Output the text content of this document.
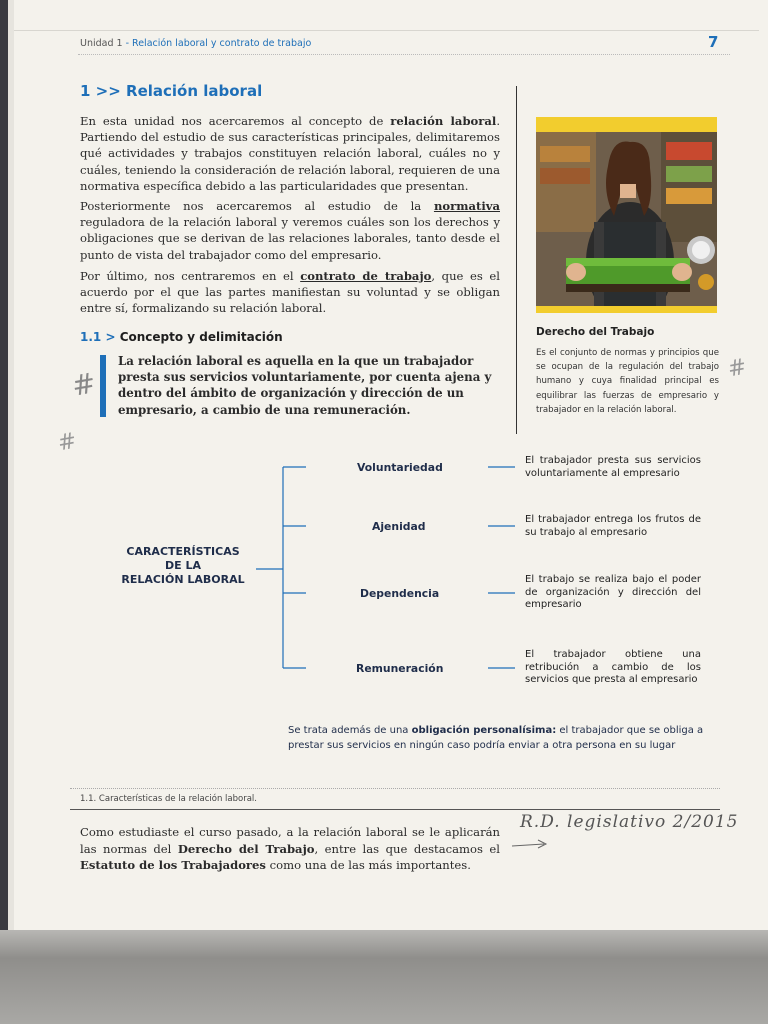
Unidad 1 - Relación laboral y contrato de trabajo	7
1 >> Relación laboral

En esta unidad nos acercaremos al concepto de relación laboral. Partiendo del estudio de sus características principales, delimitaremos qué actividades y trabajos constituyen relación laboral, cuáles no y cuáles, teniendo la consideración de relación laboral, requieren de una normativa específica debido a las particularidades que presentan.

Posteriormente nos acercaremos al estudio de la normativa reguladora de la relación laboral y veremos cuáles son los derechos y obligaciones que se derivan de las relaciones laborales, tanto desde el punto de vista del trabajador como del empresario.

Por último, nos centraremos en el contrato de trabajo, que es el acuerdo por el que las partes manifiestan su voluntad y se obligan entre sí, formalizando su relación laboral.

1.1 > Concepto y delimitación

La relación laboral es aquella en la que un trabajador presta sus servicios voluntariamente, por cuenta ajena y dentro del ámbito de organización y dirección de un empresario, a cambio de una remuneración.

Derecho del Trabajo

Es el conjunto de normas y principios que se ocupan de la regulación del trabajo humano y cuya finalidad principal es equilibrar las fuerzas de empresario y trabajador en la relación laboral.

CARACTERÍSTICAS
DE LA
RELACIÓN LABORAL
Voluntariedad
Ajenidad
Dependencia
Remuneración
El trabajador presta sus servicios voluntariamente al empresario
El trabajador entrega los frutos de su trabajo al empresario
El trabajo se realiza bajo el poder de organización y dirección del empresario
El trabajador obtiene una retribución a cambio de los servicios que presta al empresario
Se trata además de una obligación personalísima: el trabajador que se obliga a prestar sus servicios en ningún caso podría enviar a otra persona en su lugar
1.1. Características de la relación laboral.

Como estudiaste el curso pasado, a la relación laboral se le aplicarán las normas del Derecho del Trabajo, entre las que destacamos el Estatuto de los Trabajadores como una de las más importantes.

R.D. legislativo 2/2015
#
#
#
